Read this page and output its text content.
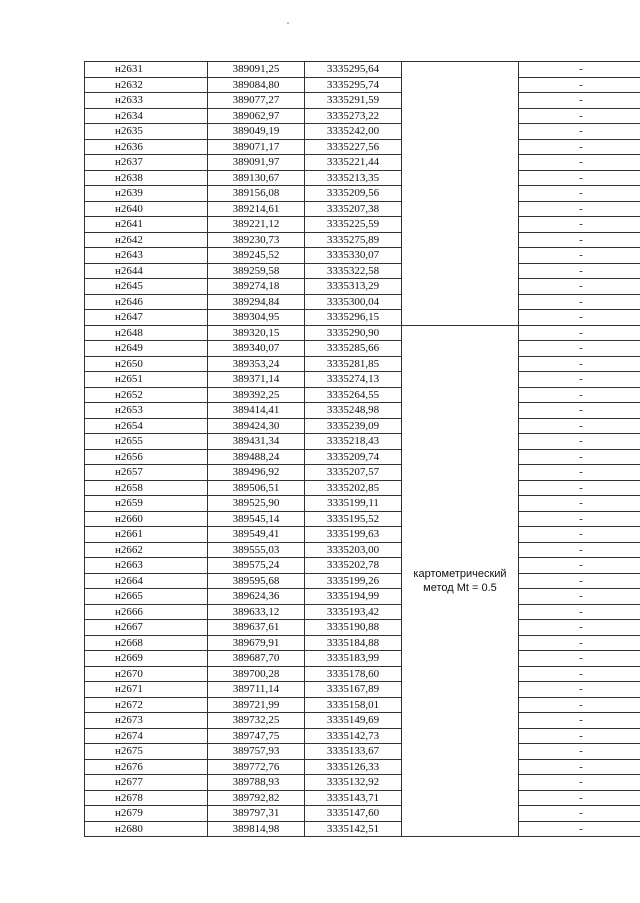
н2631	389091,25	3335295,64		-
н2632	389084,80	3335295,74		-
н2633	389077,27	3335291,59		-
н2634	389062,97	3335273,22		-
н2635	389049,19	3335242,00		-
н2636	389071,17	3335227,56		-
н2637	389091,97	3335221,44		-
н2638	389130,67	3335213,35		-
н2639	389156,08	3335209,56		-
н2640	389214,61	3335207,38		-
н2641	389221,12	3335225,59		-
н2642	389230,73	3335275,89		-
н2643	389245,52	3335330,07		-
н2644	389259,58	3335322,58		-
н2645	389274,18	3335313,29		-
н2646	389294,84	3335300,04		-
н2647	389304,95	3335296,15		-
н2648	389320,15	3335290,90	картометрический
метод Mt = 0.5	-
н2649	389340,07	3335285,66		-
н2650	389353,24	3335281,85		-
н2651	389371,14	3335274,13		-
н2652	389392,25	3335264,55		-
н2653	389414,41	3335248,98		-
н2654	389424,30	3335239,09		-
н2655	389431,34	3335218,43		-
н2656	389488,24	3335209,74		-
н2657	389496,92	3335207,57		-
н2658	389506,51	3335202,85		-
н2659	389525,90	3335199,11		-
н2660	389545,14	3335195,52		-
н2661	389549,41	3335199,63		-
н2662	389555,03	3335203,00		-
н2663	389575,24	3335202,78		-
н2664	389595,68	3335199,26		-
н2665	389624,36	3335194,99		-
н2666	389633,12	3335193,42		-
н2667	389637,61	3335190,88		-
н2668	389679,91	3335184,88		-
н2669	389687,70	3335183,99		-
н2670	389700,28	3335178,60		-
н2671	389711,14	3335167,89		-
н2672	389721,99	3335158,01		-
н2673	389732,25	3335149,69		-
н2674	389747,75	3335142,73		-
н2675	389757,93	3335133,67		-
н2676	389772,76	3335126,33		-
н2677	389788,93	3335132,92		-
н2678	389792,82	3335143,71		-
н2679	389797,31	3335147,60		-
н2680	389814,98	3335142,51		-
